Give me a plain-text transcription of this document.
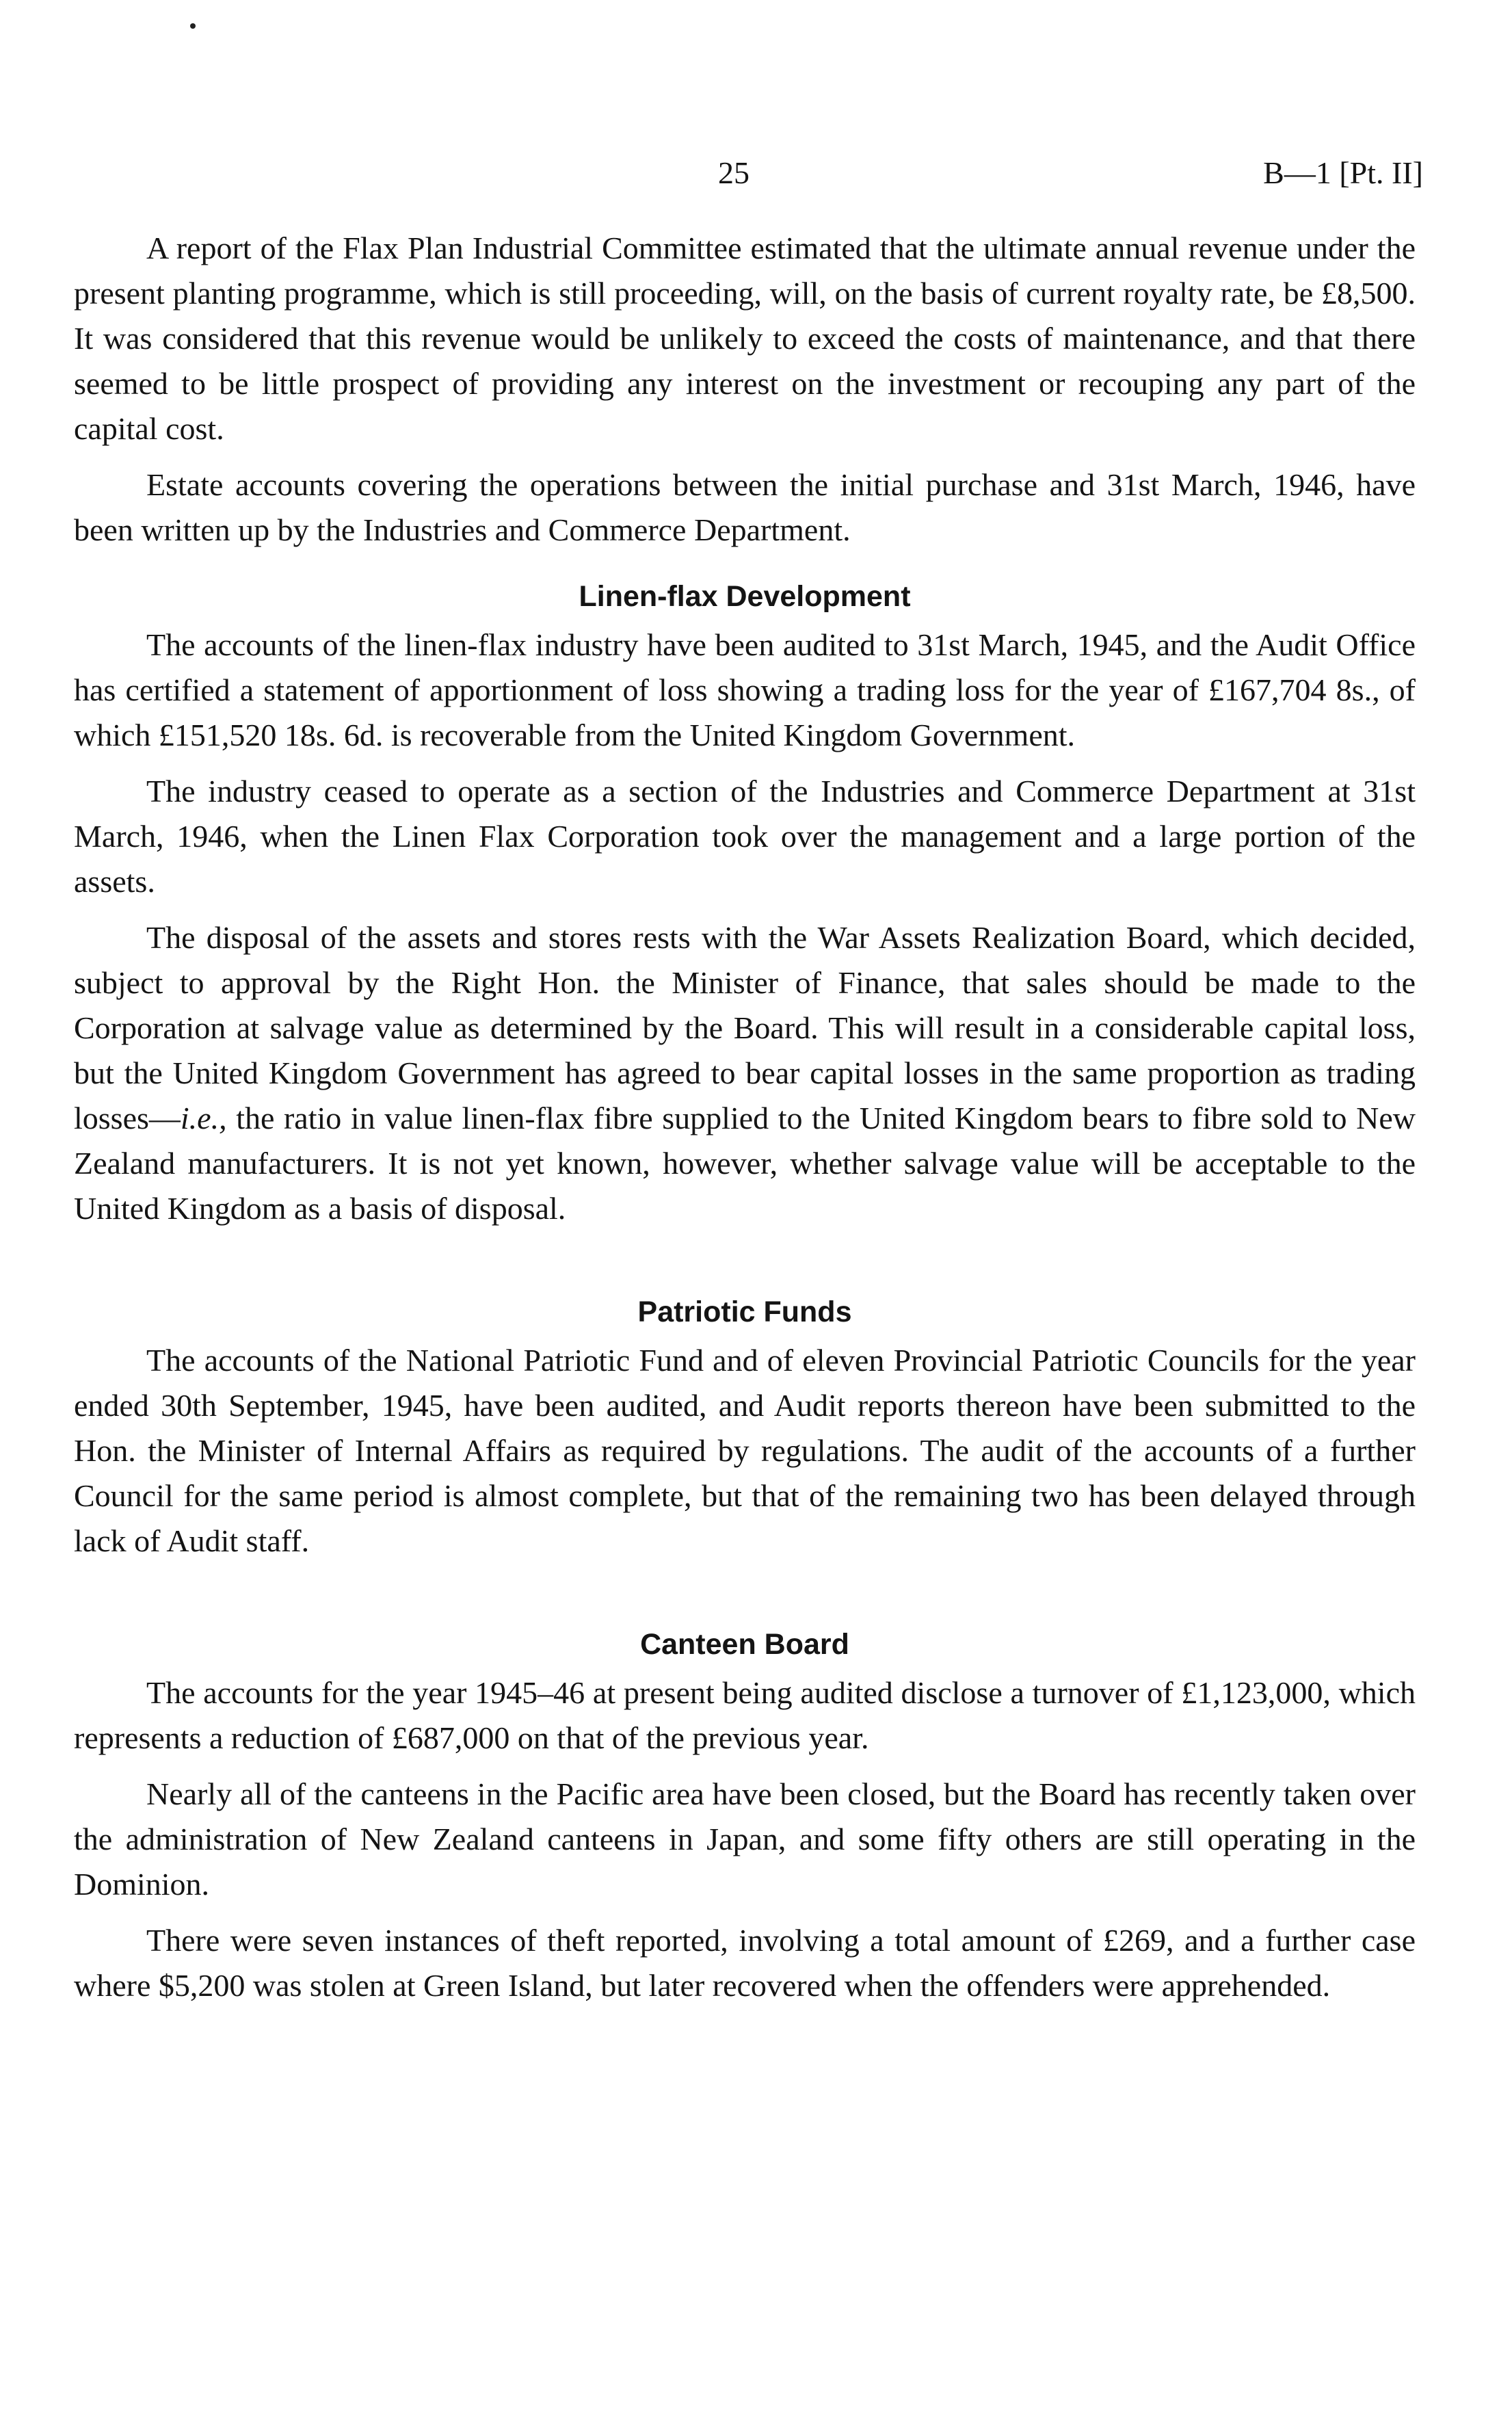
25	B—1 [Pt. II]

A report of the Flax Plan Industrial Committee estimated that the ultimate annual revenue under the present planting programme, which is still proceeding, will, on the basis of current royalty rate, be £8,500. It was considered that this revenue would be unlikely to exceed the costs of maintenance, and that there seemed to be little prospect of providing any interest on the investment or recouping any part of the capital cost.

Estate accounts covering the operations between the initial purchase and 31st March, 1946, have been written up by the Industries and Commerce Department.

Linen-flax Development

The accounts of the linen-flax industry have been audited to 31st March, 1945, and the Audit Office has certified a statement of apportionment of loss showing a trading loss for the year of £167,704 8s., of which £151,520 18s. 6d. is recoverable from the United Kingdom Government.

The industry ceased to operate as a section of the Industries and Commerce Department at 31st March, 1946, when the Linen Flax Corporation took over the management and a large portion of the assets.

The disposal of the assets and stores rests with the War Assets Realization Board, which decided, subject to approval by the Right Hon. the Minister of Finance, that sales should be made to the Corporation at salvage value as determined by the Board. This will result in a considerable capital loss, but the United Kingdom Government has agreed to bear capital losses in the same proportion as trading losses—i.e., the ratio in value linen-flax fibre supplied to the United Kingdom bears to fibre sold to New Zealand manufacturers. It is not yet known, however, whether salvage value will be acceptable to the United Kingdom as a basis of disposal.

Patriotic Funds

The accounts of the National Patriotic Fund and of eleven Provincial Patriotic Councils for the year ended 30th September, 1945, have been audited, and Audit reports thereon have been submitted to the Hon. the Minister of Internal Affairs as required by regulations. The audit of the accounts of a further Council for the same period is almost complete, but that of the remaining two has been delayed through lack of Audit staff.

Canteen Board

The accounts for the year 1945–46 at present being audited disclose a turnover of £1,123,000, which represents a reduction of £687,000 on that of the previous year.

Nearly all of the canteens in the Pacific area have been closed, but the Board has recently taken over the administration of New Zealand canteens in Japan, and some fifty others are still operating in the Dominion.

There were seven instances of theft reported, involving a total amount of £269, and a further case where $5,200 was stolen at Green Island, but later recovered when the offenders were apprehended.
